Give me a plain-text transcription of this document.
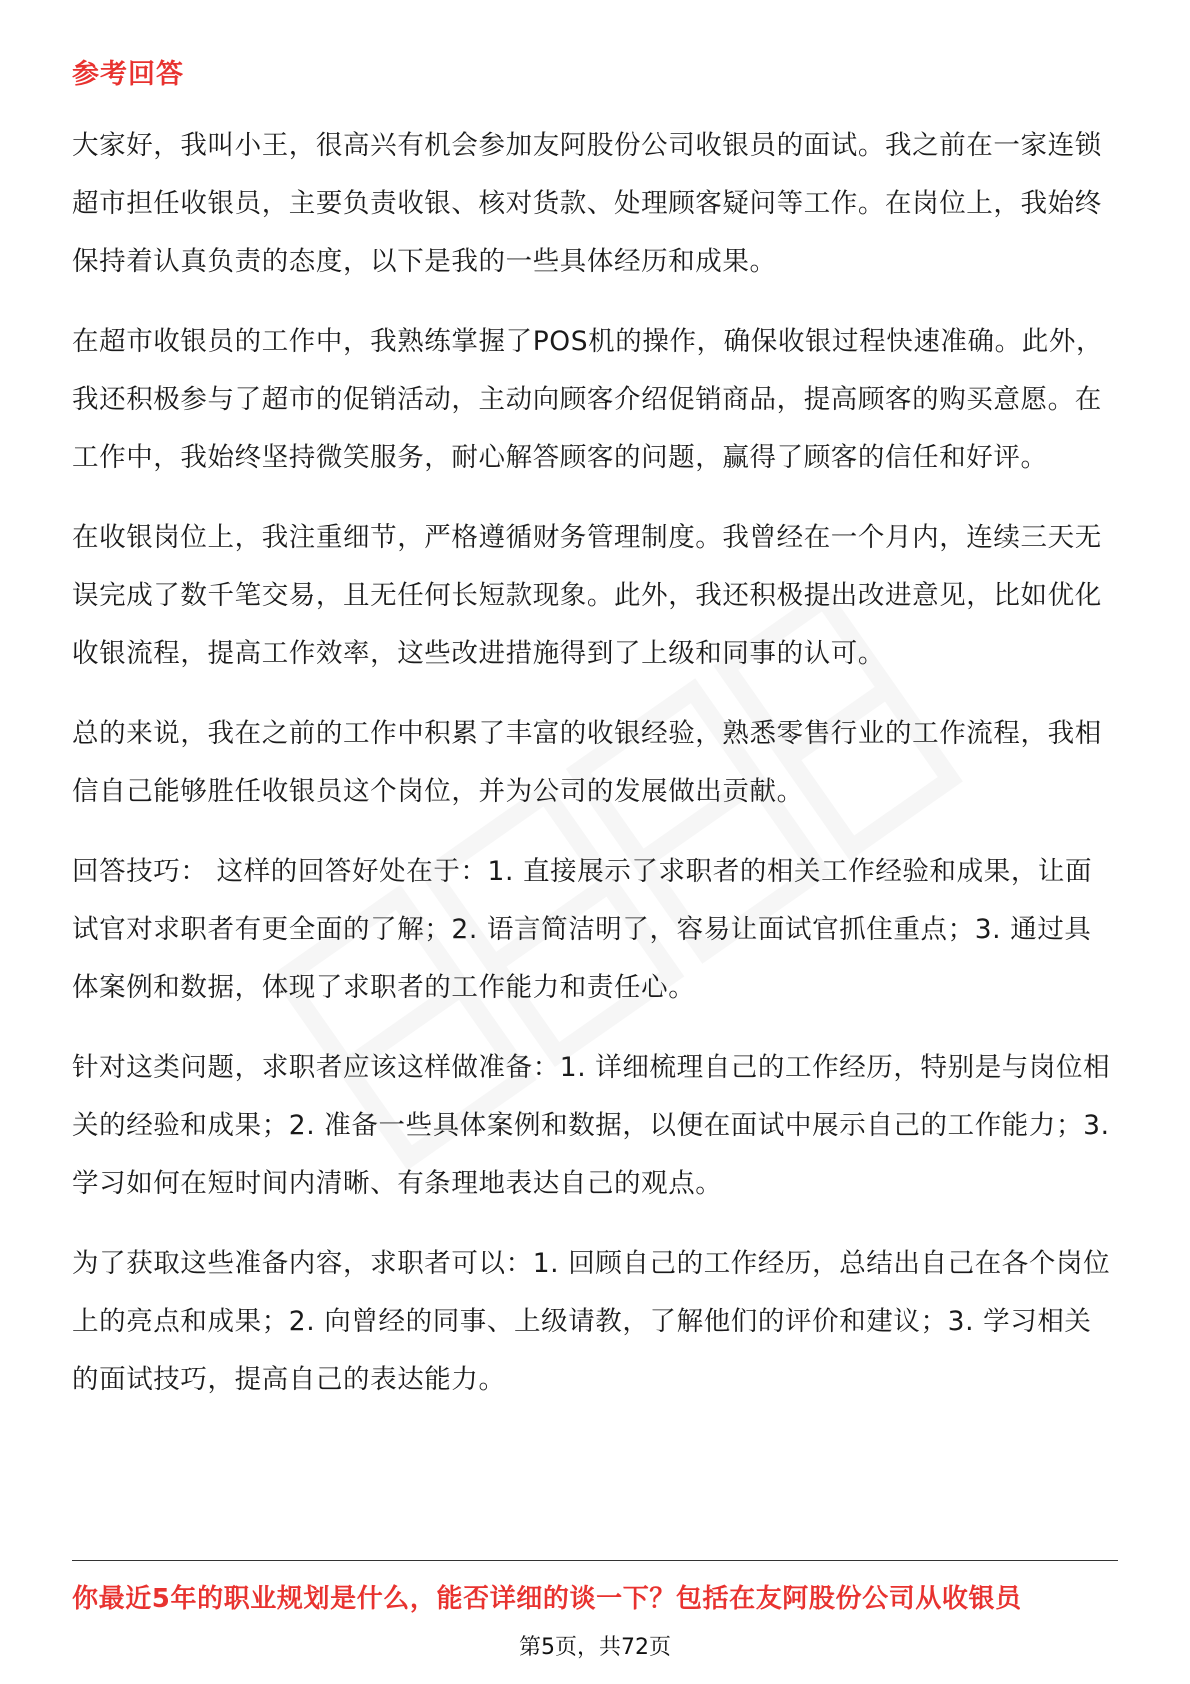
参考回答

大家好，我叫小王，很高兴有机会参加友阿股份公司收银员的面试。我之前在一家连锁超市担任收银员，主要负责收银、核对货款、处理顾客疑问等工作。在岗位上，我始终保持着认真负责的态度，以下是我的一些具体经历和成果。

在超市收银员的工作中，我熟练掌握了POS机的操作，确保收银过程快速准确。此外，我还积极参与了超市的促销活动，主动向顾客介绍促销商品，提高顾客的购买意愿。在工作中，我始终坚持微笑服务，耐心解答顾客的问题，赢得了顾客的信任和好评。

在收银岗位上，我注重细节，严格遵循财务管理制度。我曾经在一个月内，连续三天无误完成了数千笔交易，且无任何长短款现象。此外，我还积极提出改进意见，比如优化收银流程，提高工作效率，这些改进措施得到了上级和同事的认可。

总的来说，我在之前的工作中积累了丰富的收银经验，熟悉零售行业的工作流程，我相信自己能够胜任收银员这个岗位，并为公司的发展做出贡献。

回答技巧： 这样的回答好处在于：1. 直接展示了求职者的相关工作经验和成果，让面试官对求职者有更全面的了解；2. 语言简洁明了，容易让面试官抓住重点；3. 通过具体案例和数据，体现了求职者的工作能力和责任心。

针对这类问题，求职者应该这样做准备：1. 详细梳理自己的工作经历，特别是与岗位相关的经验和成果；2. 准备一些具体案例和数据，以便在面试中展示自己的工作能力；3. 学习如何在短时间内清晰、有条理地表达自己的观点。

为了获取这些准备内容，求职者可以：1. 回顾自己的工作经历，总结出自己在各个岗位上的亮点和成果；2. 向曾经的同事、上级请教，了解他们的评价和建议；3. 学习相关的面试技巧，提高自己的表达能力。

你最近5年的职业规划是什么，能否详细的谈一下？包括在友阿股份公司从收银员
第5页，共72页
